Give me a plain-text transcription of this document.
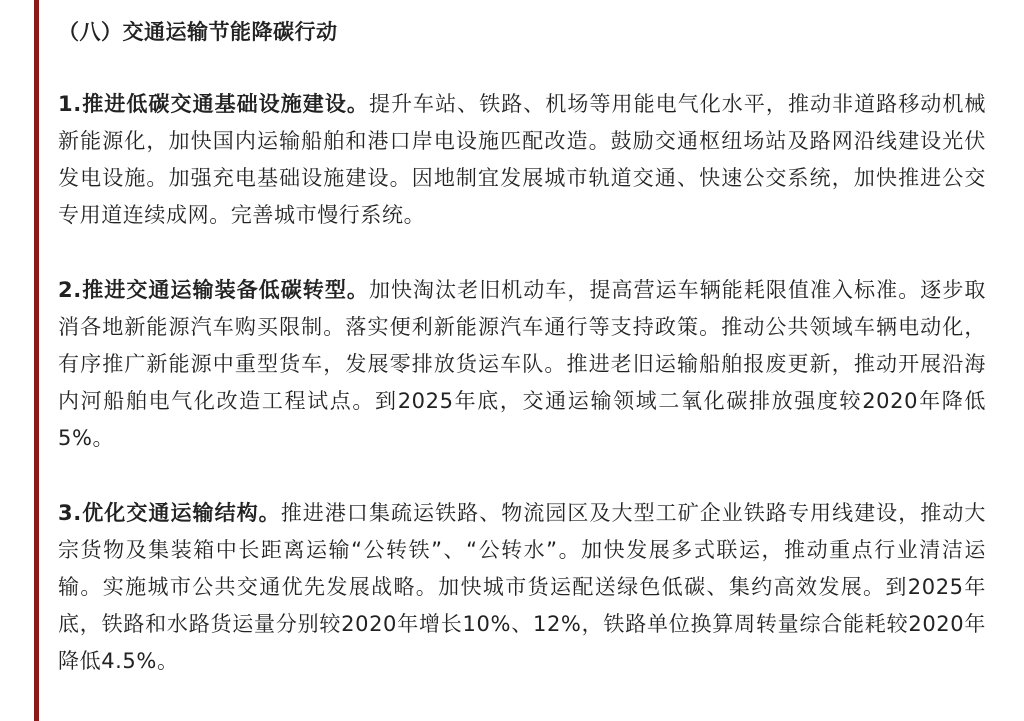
（八）交通运输节能降碳行动

1.推进低碳交通基础设施建设。提升车站、铁路、机场等用能电气化水平，推动非道路移动机械新能源化，加快国内运输船舶和港口岸电设施匹配改造。鼓励交通枢纽场站及路网沿线建设光伏发电设施。加强充电基础设施建设。因地制宜发展城市轨道交通、快速公交系统，加快推进公交专用道连续成网。完善城市慢行系统。

2.推进交通运输装备低碳转型。加快淘汰老旧机动车，提高营运车辆能耗限值准入标准。逐步取消各地新能源汽车购买限制。落实便利新能源汽车通行等支持政策。推动公共领域车辆电动化，有序推广新能源中重型货车，发展零排放货运车队。推进老旧运输船舶报废更新，推动开展沿海内河船舶电气化改造工程试点。到2025年底，交通运输领域二氧化碳排放强度较2020年降低5%。

3.优化交通运输结构。推进港口集疏运铁路、物流园区及大型工矿企业铁路专用线建设，推动大宗货物及集装箱中长距离运输“公转铁”、“公转水”。加快发展多式联运，推动重点行业清洁运输。实施城市公共交通优先发展战略。加快城市货运配送绿色低碳、集约高效发展。到2025年底，铁路和水路货运量分别较2020年增长10%、12%，铁路单位换算周转量综合能耗较2020年降低4.5%。
